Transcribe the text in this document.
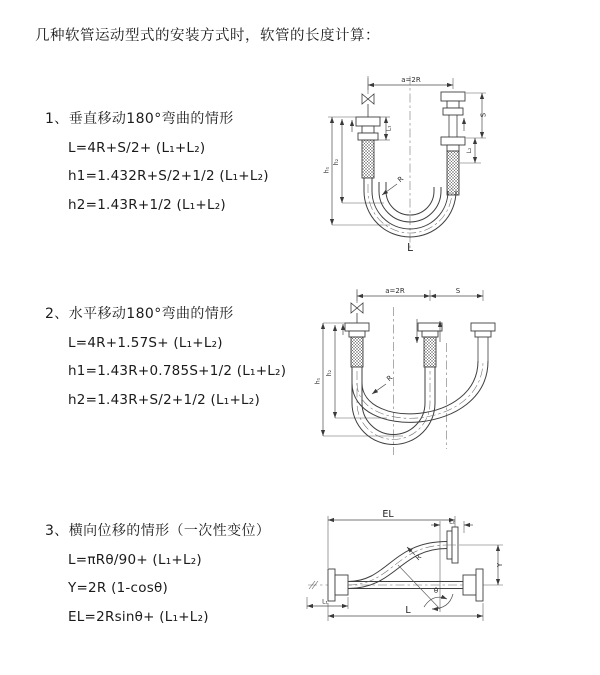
几种软管运动型式的安装方式时，软管的长度计算：
1、垂直移动180°弯曲的情形
L=4R+S/2+ (L₁+L₂)
h1=1.432R+S/2+1/2 (L₁+L₂)
h2=1.43R+1/2 (L₁+L₂)
a=2R
L₁
S
L₂
h₁
h₂
R
L
2、水平移动180°弯曲的情形
L=4R+1.57S+ (L₁+L₂)
h1=1.43R+0.785S+1/2 (L₁+L₂)
h2=1.43R+S/2+1/2 (L₁+L₂)
a=2R	S
h₁
h₂
R
3、横向位移的情形（一次性变位）
L=πRθ/90+ (L₁+L₂)
Y=2R (1-cosθ)
EL=2Rsinθ+ (L₁+L₂)
EL
L₂
Y
R
θ
L
L₁
